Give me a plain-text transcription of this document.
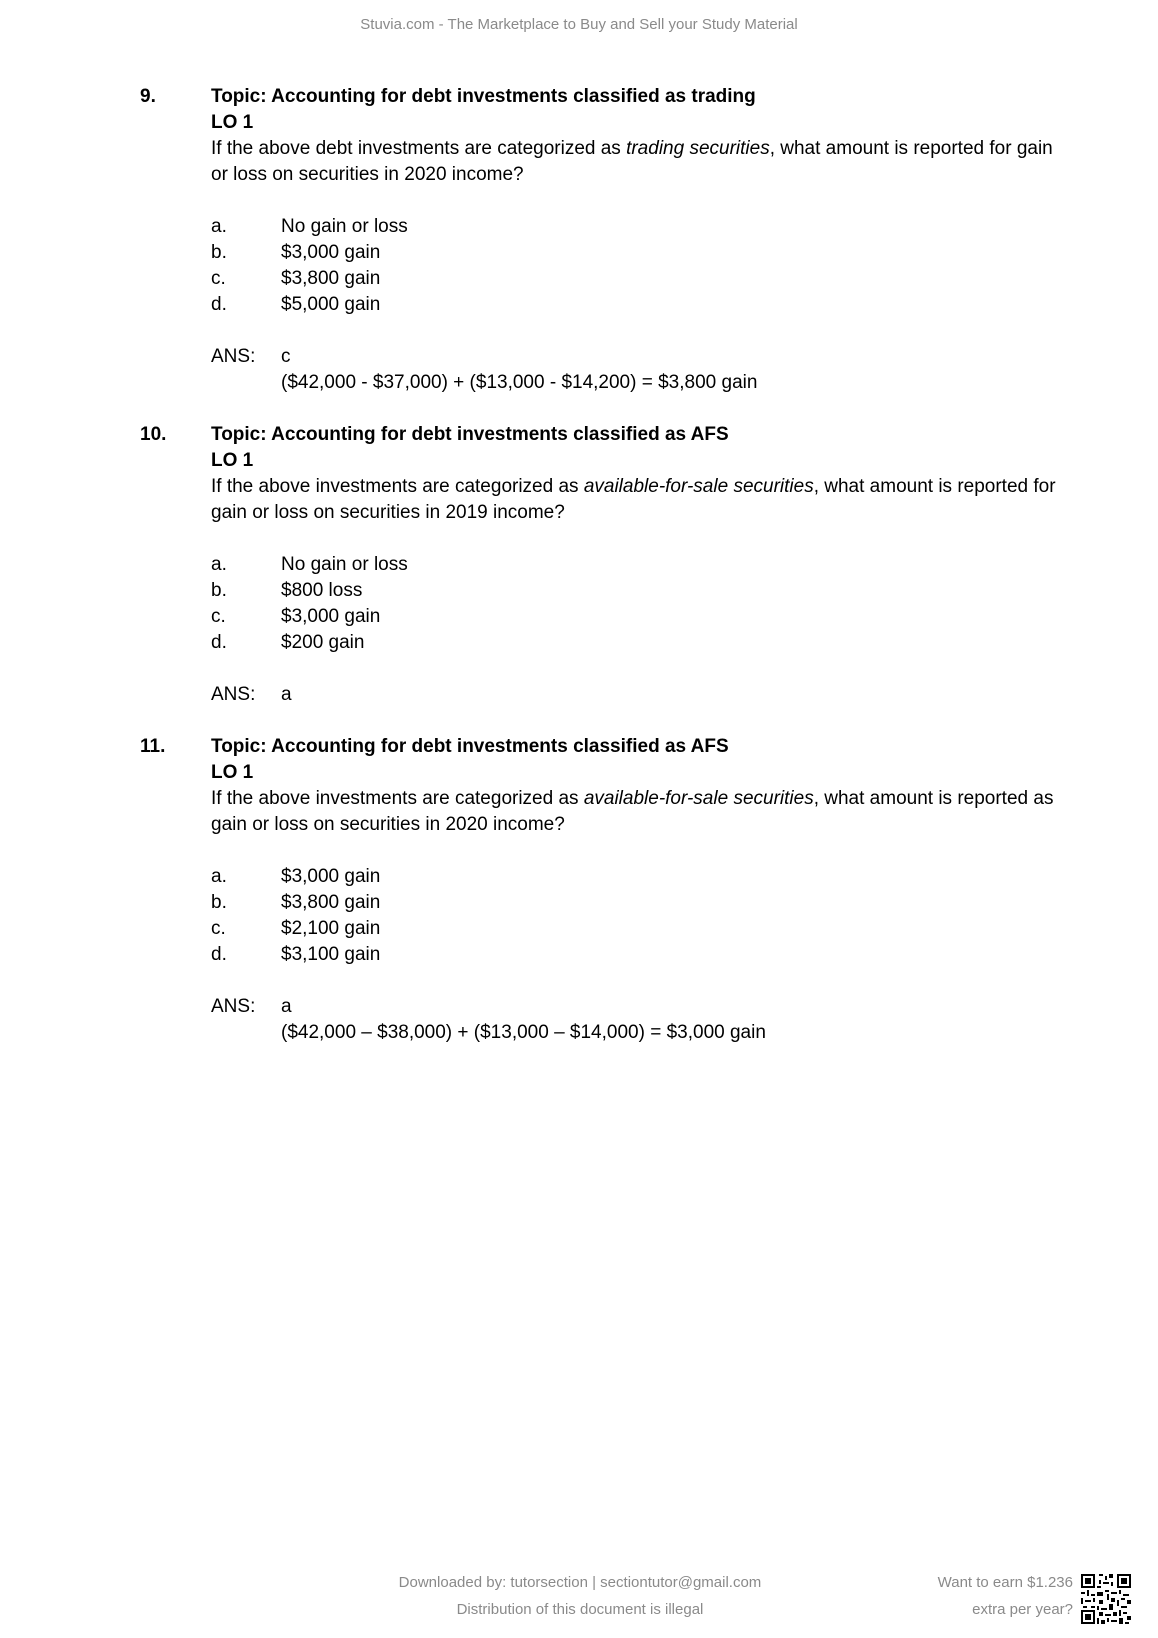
Stuvia.com - The Marketplace to Buy and Sell your Study Material
9.	Topic: Accounting for debt investments classified as trading
LO 1
If the above debt investments are categorized as trading securities, what amount is reported for gain or loss on securities in 2020 income?
a.	No gain or loss
b.	$3,000 gain
c.	$3,800 gain
d.	$5,000 gain
ANS:	c
($42,000 - $37,000) + ($13,000 - $14,200) = $3,800 gain
10. Topic: Accounting for debt investments classified as AFS
LO 1
If the above investments are categorized as available-for-sale securities, what amount is reported for gain or loss on securities in 2019 income?
a.	No gain or loss
b.	$800 loss
c.	$3,000 gain
d.	$200 gain
ANS:	a
11. Topic: Accounting for debt investments classified as AFS
LO 1
If the above investments are categorized as available-for-sale securities, what amount is reported as gain or loss on securities in 2020 income?
a.	$3,000 gain
b.	$3,800 gain
c.	$2,100 gain
d.	$3,100 gain
ANS:	a
($42,000 – $38,000) + ($13,000 – $14,000) = $3,000 gain
Downloaded by: tutorsection | sectiontutor@gmail.com
Distribution of this document is illegal
Want to earn $1.236
extra per year?
